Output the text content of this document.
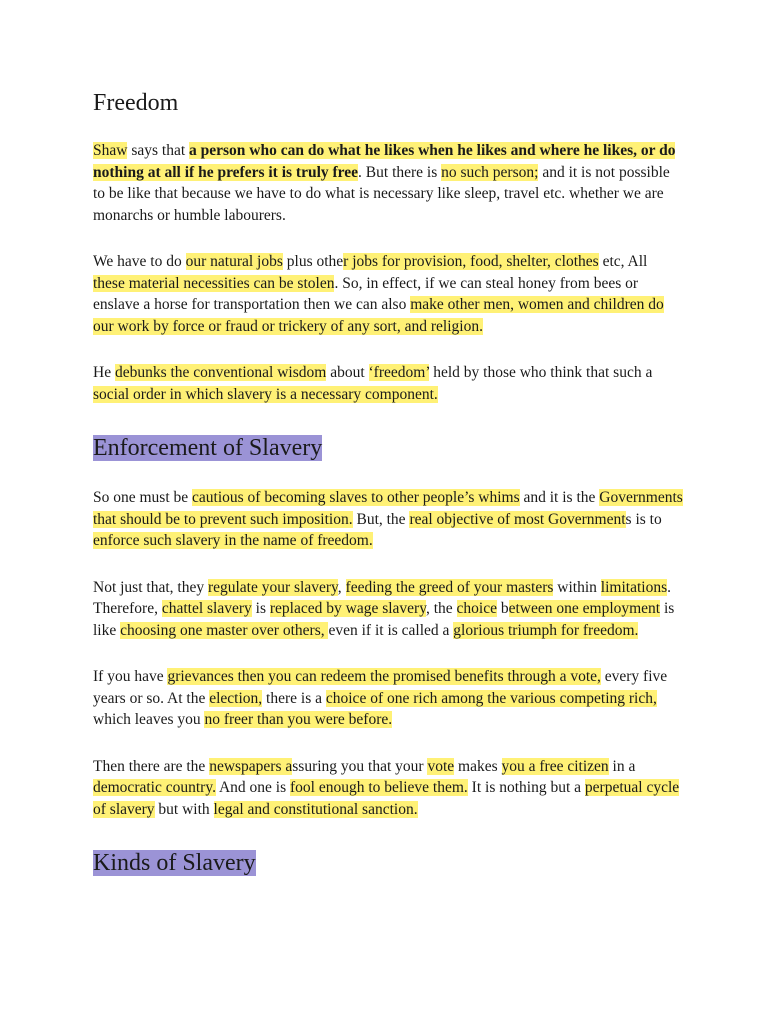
Freedom

Shaw says that a person who can do what he likes when he likes and where he likes, or do nothing at all if he prefers it is truly free. But there is no such person; and it is not possible to be like that because we have to do what is necessary like sleep, travel etc. whether we are monarchs or humble labourers.

We have to do our natural jobs plus other jobs for provision, food, shelter, clothes etc, All these material necessities can be stolen. So, in effect, if we can steal honey from bees or enslave a horse for transportation then we can also make other men, women and children do our work by force or fraud or trickery of any sort, and religion.

He debunks the conventional wisdom about ‘freedom’ held by those who think that such a social order in which slavery is a necessary component.

Enforcement of Slavery

So one must be cautious of becoming slaves to other people’s whims and it is the Governments that should be to prevent such imposition. But, the real objective of most Governments is to enforce such slavery in the name of freedom.

Not just that, they regulate your slavery, feeding the greed of your masters within limitations. Therefore, chattel slavery is replaced by wage slavery, the choice between one employment is like choosing one master over others, even if it is called a glorious triumph for freedom.

If you have grievances then you can redeem the promised benefits through a vote, every five years or so. At the election, there is a choice of one rich among the various competing rich, which leaves you no freer than you were before.

Then there are the newspapers assuring you that your vote makes you a free citizen in a democratic country. And one is fool enough to believe them. It is nothing but a perpetual cycle of slavery but with legal and constitutional sanction.

Kinds of Slavery
